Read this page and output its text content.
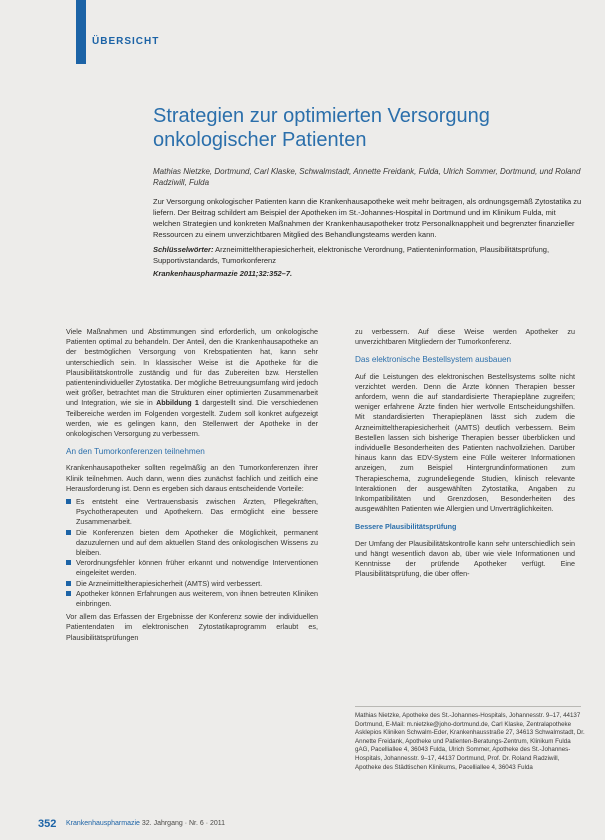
ÜBERSICHT
Strategien zur optimierten Versorgung onkologischer Patienten
Mathias Nietzke, Dortmund, Carl Klaske, Schwalmstadt, Annette Freidank, Fulda, Ulrich Sommer, Dortmund, und Roland Radziwill, Fulda

Zur Versorgung onkologischer Patienten kann die Krankenhausapotheke weit mehr beitragen, als ordnungsgemäß Zytostatika zu liefern. Der Beitrag schildert am Beispiel der Apotheken im St.-Johannes-Hospital in Dortmund und im Klinikum Fulda, mit welchen Strategien und konkreten Maßnahmen der Krankenhausapotheker trotz Personalknappheit und begrenzter finanzieller Ressourcen zu einem unverzichtbaren Mitglied des Behandlungsteams werden kann.

Schlüsselwörter: Arzneimitteltherapiesicherheit, elektronische Verordnung, Patienteninformation, Plausibilitätsprüfung, Supportivstandards, Tumorkonferenz

Krankenhauspharmazie 2011;32:352–7.

Viele Maßnahmen und Abstimmungen sind erforderlich, um onkologische Patienten optimal zu behandeln. Der Anteil, den die Krankenhausapotheke an der bestmöglichen Versorgung von Krebspatienten hat, kann sehr unterschiedlich sein. In klassischer Weise ist die Apotheke für die Plausibilitätskontrolle zuständig und für das Zubereiten bzw. Herstellen patientenindividueller Zytostatika. Der mögliche Betreuungsumfang wird jedoch weit größer, betrachtet man die Strukturen einer optimierten Zusammenarbeit und Integration, wie sie in Abbildung 1 dargestellt sind. Die verschiedenen Teilbereiche werden im Folgenden vorgestellt. Zudem soll konkret aufgezeigt werden, wie es gelingen kann, den Stellenwert der Apotheke in der onkologischen Versorgung zu verbessern.

An den Tumorkonferenzen teilnehmen

Krankenhausapotheker sollten regelmäßig an den Tumorkonferenzen ihrer Klinik teilnehmen. Auch dann, wenn dies zunächst fachlich und zeitlich eine Herausforderung ist. Denn es ergeben sich daraus entscheidende Vorteile:

Es entsteht eine Vertrauensbasis zwischen Ärzten, Pflegekräften, Psychotherapeuten und Apothekern. Das ermöglicht eine bessere Zusammenarbeit.
Die Konferenzen bieten dem Apotheker die Möglichkeit, permanent dazuzulernen und auf dem aktuellen Stand des onkologischen Wissens zu bleiben.
Verordnungsfehler können früher erkannt und notwendige Interventionen eingeleitet werden.
Die Arzneimitteltherapiesicherheit (AMTS) wird verbessert.
Apotheker können Erfahrungen aus weiterem, von ihnen betreuten Kliniken einbringen.

Vor allem das Erfassen der Ergebnisse der Konferenz sowie der individuellen Patientendaten im elektronischen Zytostatikaprogramm erlaubt es, Plausibilitätsprüfungen

zu verbessern. Auf diese Weise werden Apotheker zu unverzichtbaren Mitgliedern der Tumorkonferenz.

Das elektronische Bestellsystem ausbauen

Auf die Leistungen des elektronischen Bestellsystems sollte nicht verzichtet werden. Denn die Ärzte können Therapien besser anfordern, wenn die auf standardisierte Therapiepläne zugreifen; weniger erfahrene Ärzte finden hier wertvolle Entscheidungshilfen. Mit standardisierten Therapieplänen lässt sich zudem die Arzneimitteltherapiesicherheit (AMTS) deutlich verbessern. Beim Bestellen lassen sich bisherige Therapien besser überblicken und individuelle Besonderheiten des Patienten nachvollziehen. Darüber hinaus kann das EDV-System eine Fülle weiterer Informationen anzeigen, zum Beispiel Hintergrundinformationen zum Therapieschema, zugrundeliegende Studien, klinisch relevante Interaktionen der ausgewählten Zytostatika, Angaben zu Inkompatibilitäten und Grenzdosen, Besonderheiten des ausgewählten Patienten wie Allergien und Unverträglichkeiten.

Bessere Plausibilitätsprüfung

Der Umfang der Plausibilitätskontrolle kann sehr unterschiedlich sein und hängt wesentlich davon ab, über wie viele Informationen und Kenntnisse der prüfende Apotheker verfügt. Eine Plausibilitätsprüfung, die über offen-

Mathias Nietzke, Apotheke des St.-Johannes-Hospitals, Johannesstr. 9–17, 44137 Dortmund, E-Mail: m.nietzke@joho-dortmund.de, Carl Klaske, Zentralapotheke Asklepios Kliniken Schwalm-Eder, Krankenhausstraße 27, 34613 Schwalmstadt, Dr. Annette Freidank, Apotheke und Patienten-Beratungs-Zentrum, Klinikum Fulda gAG, Pacelliallee 4, 36043 Fulda, Ulrich Sommer, Apotheke des St.-Johannes-Hospitals, Johannesstr. 9–17, 44137 Dortmund, Prof. Dr. Roland Radziwill, Apotheke des Städtischen Klinikums, Pacelliallee 4, 36043 Fulda

352 Krankenhauspharmazie 32. Jahrgang · Nr. 6 · 2011
